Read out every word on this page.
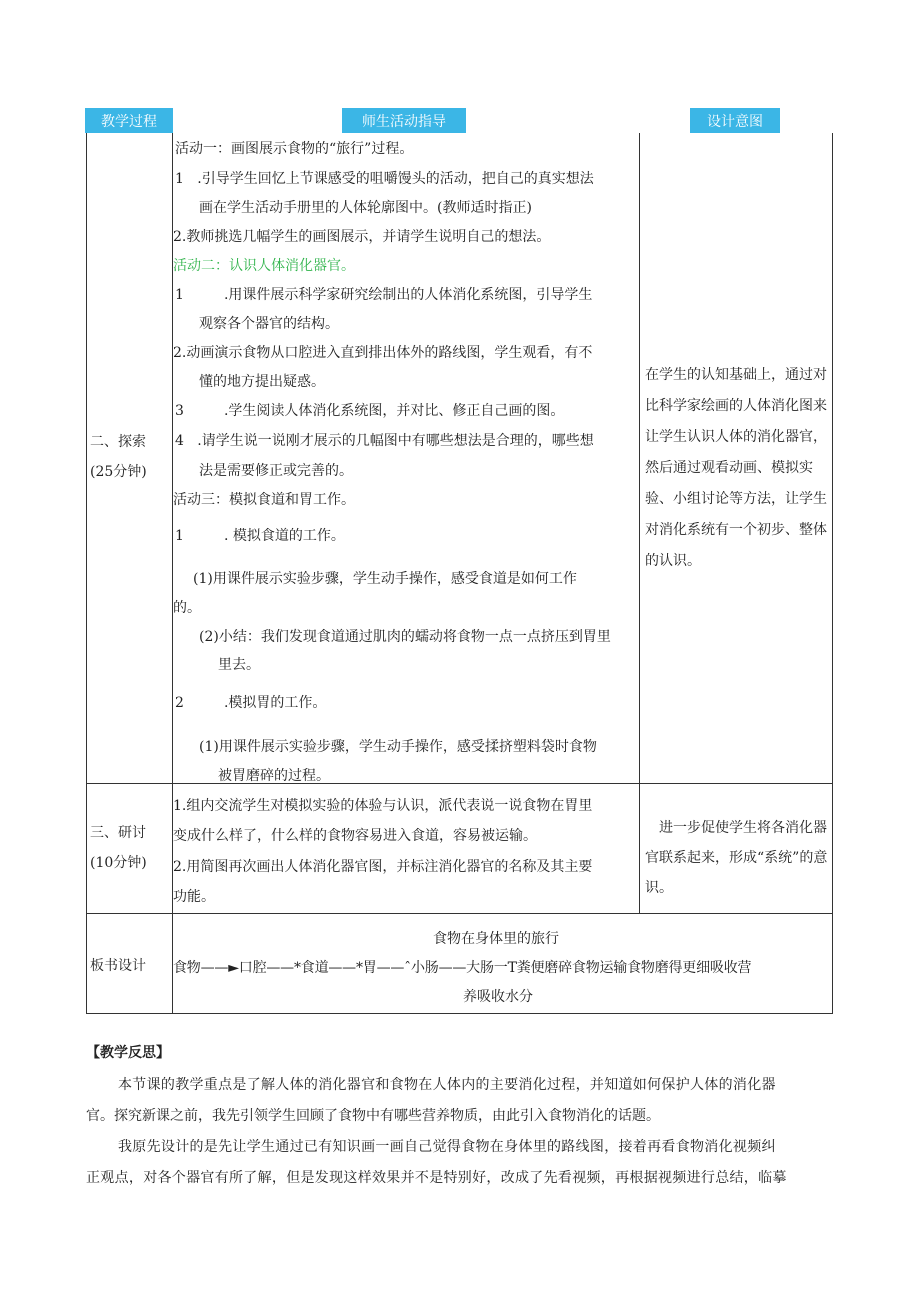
教学过程	师生活动指导	设计意图
二、探索
(25分钟)
活动一：画图展示食物的“旅行”过程。
1   .引导学生回忆上节课感受的咀嚼馒头的活动，把自己的真实想法
画在学生活动手册里的人体轮廓图中。(教师适时指正)
2.教师挑选几幅学生的画图展示，并请学生说明自己的想法。
活动二：认识人体消化器官。
1         .用课件展示科学家研究绘制出的人体消化系统图，引导学生
观察各个器官的结构。
2.动画演示食物从口腔进入直到排出体外的路线图，学生观看，有不
懂的地方提出疑惑。
3         .学生阅读人体消化系统图，并对比、修正自己画的图。
4   .请学生说一说刚才展示的几幅图中有哪些想法是合理的，哪些想
法是需要修正或完善的。
活动三：模拟食道和胃工作。
1         . 模拟食道的工作。
(1)用课件展示实验步骤，学生动手操作，感受食道是如何工作
的。
(2)小结：我们发现食道通过肌肉的蠕动将食物一点一点挤压到胃里
里去。
2         .模拟胃的工作。
(1)用课件展示实验步骤，学生动手操作，感受揉挤塑料袋时食物
被胃磨碎的过程。
在学生的认知基础上，通过对比科学家绘画的人体消化图来让学生认识人体的消化器官，然后通过观看动画、模拟实验、小组讨论等方法，让学生对消化系统有一个初步、整体的认识。
三、研讨
(10分钟)
1.组内交流学生对模拟实验的体验与认识，派代表说一说食物在胃里
变成什么样了，什么样的食物容易进入食道，容易被运输。
2.用简图再次画出人体消化器官图，并标注消化器官的名称及其主要
功能。
进一步促使学生将各消化器官联系起来，形成“系统”的意识。
板书设计
食物在身体里的旅行
食物——►口腔——*食道——*胃——ˆ小肠——大肠一T粪便磨碎食物运输食物磨得更细吸收营
养吸收水分
【教学反思】
本节课的教学重点是了解人体的消化器官和食物在人体内的主要消化过程，并知道如何保护人体的消化器
官。探究新课之前，我先引领学生回顾了食物中有哪些营养物质，由此引入食物消化的话题。
我原先设计的是先让学生通过已有知识画一画自己觉得食物在身体里的路线图，接着再看食物消化视频纠
正观点，对各个器官有所了解，但是发现这样效果并不是特别好，改成了先看视频，再根据视频进行总结，临摹
